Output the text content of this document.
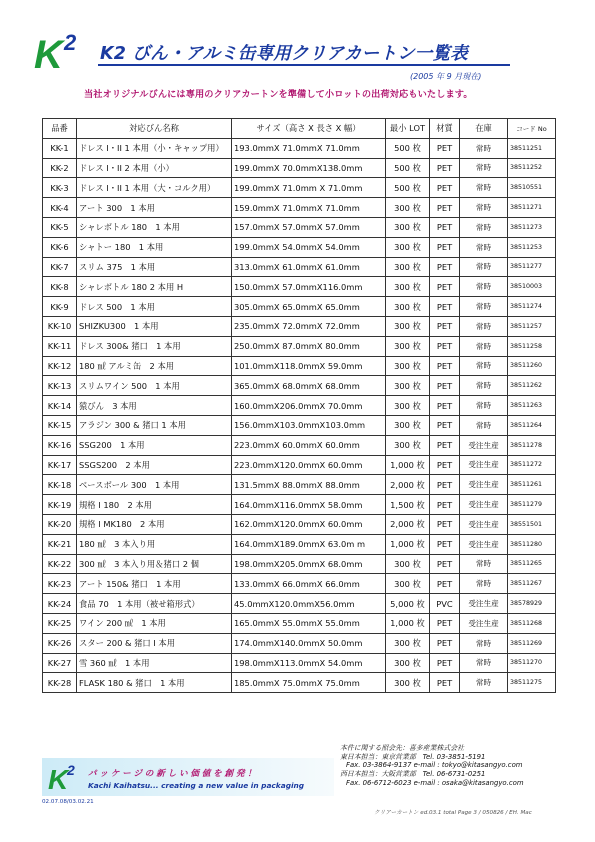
K 2 K2 びん・アルミ缶専用クリアカートン一覧表
(2005 年 9 月現在)
当社オリジナルびんには専用のクリアカートンを準備して小ロットの出荷対応もいたします。
品番	対応びん名称	サイズ（高さ X 長さ X 幅）	最小 LOT	材質	在庫	コード No
KK-1	ドレス I・II 1 本用（小・キャップ用）	193.0mmX 71.0mmX 71.0mm	500 枚	PET	常時	38511251
KK-2	ドレス I・II 2 本用（小）	199.0mmX 70.0mmX138.0mm	500 枚	PET	常時	38511252
KK-3	ドレス I・II 1 本用（大・コルク用）	199.0mmX 71.0mm X 71.0mm	500 枚	PET	常時	38510551
KK-4	アート 300　1 本用	159.0mmX 71.0mmX 71.0mm	300 枚	PET	常時	38511271
KK-5	シャレボトル 180　1 本用	157.0mmX 57.0mmX 57.0mm	300 枚	PET	常時	38511273
KK-6	シャトー 180　1 本用	199.0mmX 54.0mmX 54.0mm	300 枚	PET	常時	38511253
KK-7	スリム 375　1 本用	313.0mmX 61.0mmX 61.0mm	300 枚	PET	常時	38511277
KK-8	シャレボトル 180 2 本用 H	150.0mmX 57.0mmX116.0mm	300 枚	PET	常時	38510003
KK-9	ドレス 500　1 本用	305.0mmX 65.0mmX 65.0mm	300 枚	PET	常時	38511274
KK-10	SHIZKU300　1 本用	235.0mmX 72.0mmX 72.0mm	300 枚	PET	常時	38511257
KK-11	ドレス 300& 猪口　1 本用	250.0mmX 87.0mmX 80.0mm	300 枚	PET	常時	38511258
KK-12	180 ㎖ アルミ缶　2 本用	101.0mmX118.0mmX 59.0mm	300 枚	PET	常時	38511260
KK-13	スリムワイン 500　1 本用	365.0mmX 68.0mmX 68.0mm	300 枚	PET	常時	38511262
KK-14	猿びん　3 本用	160.0mmX206.0mmX 70.0mm	300 枚	PET	常時	38511263
KK-15	アラジン 300 & 猪口 1 本用	156.0mmX103.0mmX103.0mm	300 枚	PET	常時	38511264
KK-16	SSG200　1 本用	223.0mmX 60.0mmX 60.0mm	300 枚	PET	受注生産	38511278
KK-17	SSGS200　2 本用	223.0mmX120.0mmX 60.0mm	1,000 枚	PET	受注生産	38511272
KK-18	ベースボール 300　1 本用	131.5mmX 88.0mmX 88.0mm	2,000 枚	PET	受注生産	38511261
KK-19	規格 I 180　2 本用	164.0mmX116.0mmX 58.0mm	1,500 枚	PET	受注生産	38511279
KK-20	規格 I MK180　2 本用	162.0mmX120.0mmX 60.0mm	2,000 枚	PET	受注生産	38551501
KK-21	180 ㎖　3 本入り用	164.0mmX189.0mmX 63.0m m	1,000 枚	PET	受注生産	38511280
KK-22	300 ㎖　3 本入り用＆猪口 2 個	198.0mmX205.0mmX 68.0mm	300 枚	PET	常時	38511265
KK-23	アート 150& 猪口　1 本用	133.0mmX 66.0mmX 66.0mm	300 枚	PET	常時	38511267
KK-24	食品 70　1 本用（被せ箱形式）	45.0mmX120.0mmX56.0mm	5,000 枚	PVC	受注生産	38578929
KK-25	ワイン 200 ㎖　1 本用	165.0mmX 55.0mmX 55.0mm	1,000 枚	PET	受注生産	38511268
KK-26	スター 200 & 猪口 I 本用	174.0mmX140.0mmX 50.0mm	300 枚	PET	常時	38511269
KK-27	雪 360 ㎖　1 本用	198.0mmX113.0mmX 54.0mm	300 枚	PET	常時	38511270
KK-28	FLASK 180 & 猪口　1 本用	185.0mmX 75.0mmX 75.0mm	300 枚	PET	常時	38511275
K
2 パッケージの新しい価値を創発！
Kachi Kaihatsu... creating a new value in packaging
02.07.08/03.02.21
本件に関する照会先：喜多産業株式会社
東日本担当：東京営業部　Tel. 03-3851-5191
Fax. 03-3864-9137 e-mail : tokyo@kitasangyo.com
西日本担当：大阪営業部　Tel. 06-6731-0251
Fax. 06-6712-6023 e-mail : osaka@kitasangyo.com
クリアーカートン ed.03.1 total Page 3 / 050826 / EH. Mac
